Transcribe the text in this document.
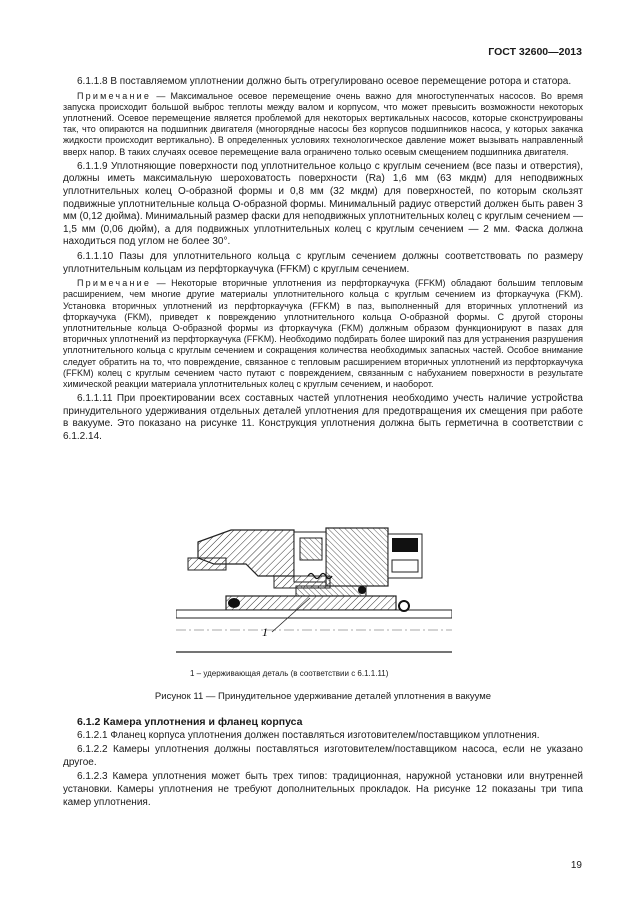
ГОСТ 32600—2013

6.1.1.8 В поставляемом уплотнении должно быть отрегулировано осевое перемещение ротора и статора.

Примечание — Максимальное осевое перемещение очень важно для многоступенчатых насосов. Во время запуска происходит большой выброс теплоты между валом и корпусом, что может превысить возможности некоторых уплотнений. Осевое перемещение является проблемой для некоторых вертикальных насосов, которые сконструированы так, что опираются на подшипник двигателя (многорядные насосы без корпусов подшипников насоса, у которых закачка жидкости происходит вертикально). В определенных условиях технологическое давление может вызывать направленный вверх напор. В таких случаях осевое перемещение вала ограничено только осевым смещением подшипника двигателя.

6.1.1.9 Уплотняющие поверхности под уплотнительное кольцо с круглым сечением (все пазы и отверстия), должны иметь максимальную шероховатость поверхности (Ra) 1,6 мм (63 мкдм) для неподвижных уплотнительных колец О-образной формы и 0,8 мм (32 мкдм) для поверхностей, по которым скользят подвижные уплотнительные кольца О-образной формы. Минимальный радиус отверстий должен быть равен 3 мм (0,12 дюйма). Минимальный размер фаски для неподвижных уплотнительных колец с круглым сечением — 1,5 мм (0,06 дюйм), а для подвижных уплотнительных колец с круглым сечением — 2 мм. Фаска должна находиться под углом не более 30°.

6.1.1.10 Пазы для уплотнительного кольца с круглым сечением должны соответствовать по размеру уплотнительным кольцам из перфторкаучука (FFKM) с круглым сечением.

Примечание — Некоторые вторичные уплотнения из перфторкаучука (FFKM) обладают большим тепловым расширением, чем многие другие материалы уплотнительного кольца с круглым сечением из фторкаучука (FKM). Установка вторичных уплотнений из перфторкаучука (FFKM) в паз, выполненный для вторичных уплотнений из фторкаучука (FKM), приведет к повреждению уплотнительного кольца О-образной формы. С другой стороны уплотнительные кольца О-образной формы из фторкаучука (FKM) должным образом функционируют в пазах для вторичных уплотнений из перфторкаучука (FFKM). Необходимо подбирать более широкий паз для устранения разрушения уплотнительного кольца с круглым сечением и сокращения количества необходимых запасных частей. Особое внимание следует обратить на то, что повреждение, связанное с тепловым расширением вторичных уплотнений из перфторкаучука (FFKM) колец с круглым сечением часто путают с повреждением, связанным с набуханием поверхности в результате химической реакции материала уплотнительных колец с круглым сечением, и наоборот.

6.1.1.11 При проектировании всех составных частей уплотнения необходимо учесть наличие устройства принудительного удерживания отдельных деталей уплотнения для предотвращения их смещения при работе в вакууме. Это показано на рисунке 11. Конструкция уплотнения должна быть герметична в соответствии с 6.1.2.14.

1
1 – удерживающая деталь (в соответствии с 6.1.1.11)
Рисунок 11 — Принудительное удерживание деталей уплотнения в вакууме

6.1.2 Камера уплотнения и фланец корпуса

6.1.2.1 Фланец корпуса уплотнения должен поставляться изготовителем/поставщиком уплотнения.

6.1.2.2 Камеры уплотнения должны поставляться изготовителем/поставщиком насоса, если не указано другое.

6.1.2.3 Камера уплотнения может быть трех типов: традиционная, наружной установки или внутренней установки. Камеры уплотнения не требуют дополнительных прокладок. На рисунке 12 показаны три типа камер уплотнения.

19
